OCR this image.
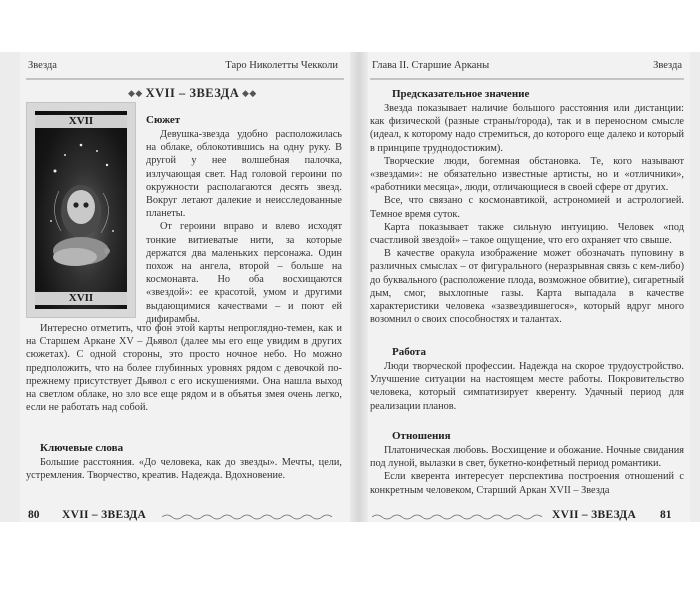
Звезда	Таро Николетты Чекколи
◆◆ XVII – ЗВЕЗДА ◆◆
XVII
XVII
Сюжет

Девушка-звезда удобно расположилась на облаке, облокотившись на одну руку. В другой у нее волшебная палочка, излучающая свет. Над головой героини по окружности располагаются десять звезд. Вокруг летают далекие и неисследованные планеты.

От героини вправо и влево исходят тонкие витиеватые нити, за которые держатся два маленьких персонажа. Один похож на ангела, второй – больше на космонавта. Но оба восхищаются «звездой»: ее красотой, умом и другими выдающимися качествами – и поют ей дифирамбы.

Интересно отметить, что фон этой карты непроглядно-темен, как и на Старшем Аркане XV – Дьявол (далее мы его еще увидим в других сюжетах). С одной стороны, это просто ночное небо. Но можно предположить, что на более глубинных уровнях рядом с девочкой по-прежнему присутствует Дьявол с его искушениями. Она нашла выход на светлом облаке, но зло все еще рядом и в объятья змея очень легко, если не работать над собой.

Ключевые слова

Большие расстояния. «До человека, как до звезды». Мечты, цели, устремления. Творчество, креатив. Надежда. Вдохновение.

Глава II. Старшие Арканы	Звезда
Предсказательное значение

Звезда показывает наличие большого расстояния или дистанции: как физической (разные страны/города), так и в переносном смысле (идеал, к которому надо стремиться, до которого еще далеко и который в принципе труднодостижим).

Творческие люди, богемная обстановка. Те, кого называют «звездами»: не обязательно известные артисты, но и «отличники», «работники месяца», люди, отличающиеся в своей сфере от других.

Все, что связано с космонавтикой, астрономией и астрологией. Темное время суток.

Карта показывает также сильную интуицию. Человек «под счастливой звездой» – такое ощущение, что его охраняет что свыше.

В качестве оракула изображение может обозначать пуповину в различных смыслах – от фигурального (неразрывная связь с кем-либо) до буквального (расположение плода, возможное обвитие), сигаретный дым, смог, выхлопные газы. Карта выпадала в качестве характеристики человека «зазвездившегося», который вдруг много возомнил о своих способностях и талантах.

Работа

Люди творческой профессии. Надежда на скорое трудоустройство. Улучшение ситуации на настоящем месте работы. Покровительство человека, который симпатизирует кверенту. Удачный период для реализации планов.

Отношения

Платоническая любовь. Восхищение и обожание. Ночные свидания под луной, вылазки в свет, букетно-конфетный период романтики.

Если кверента интересует перспектива построения отношений с конкретным человеком, Старший Аркан XVII – Звезда

80 XVII – ЗВЕЗДА	XVII – ЗВЕЗДА 81
